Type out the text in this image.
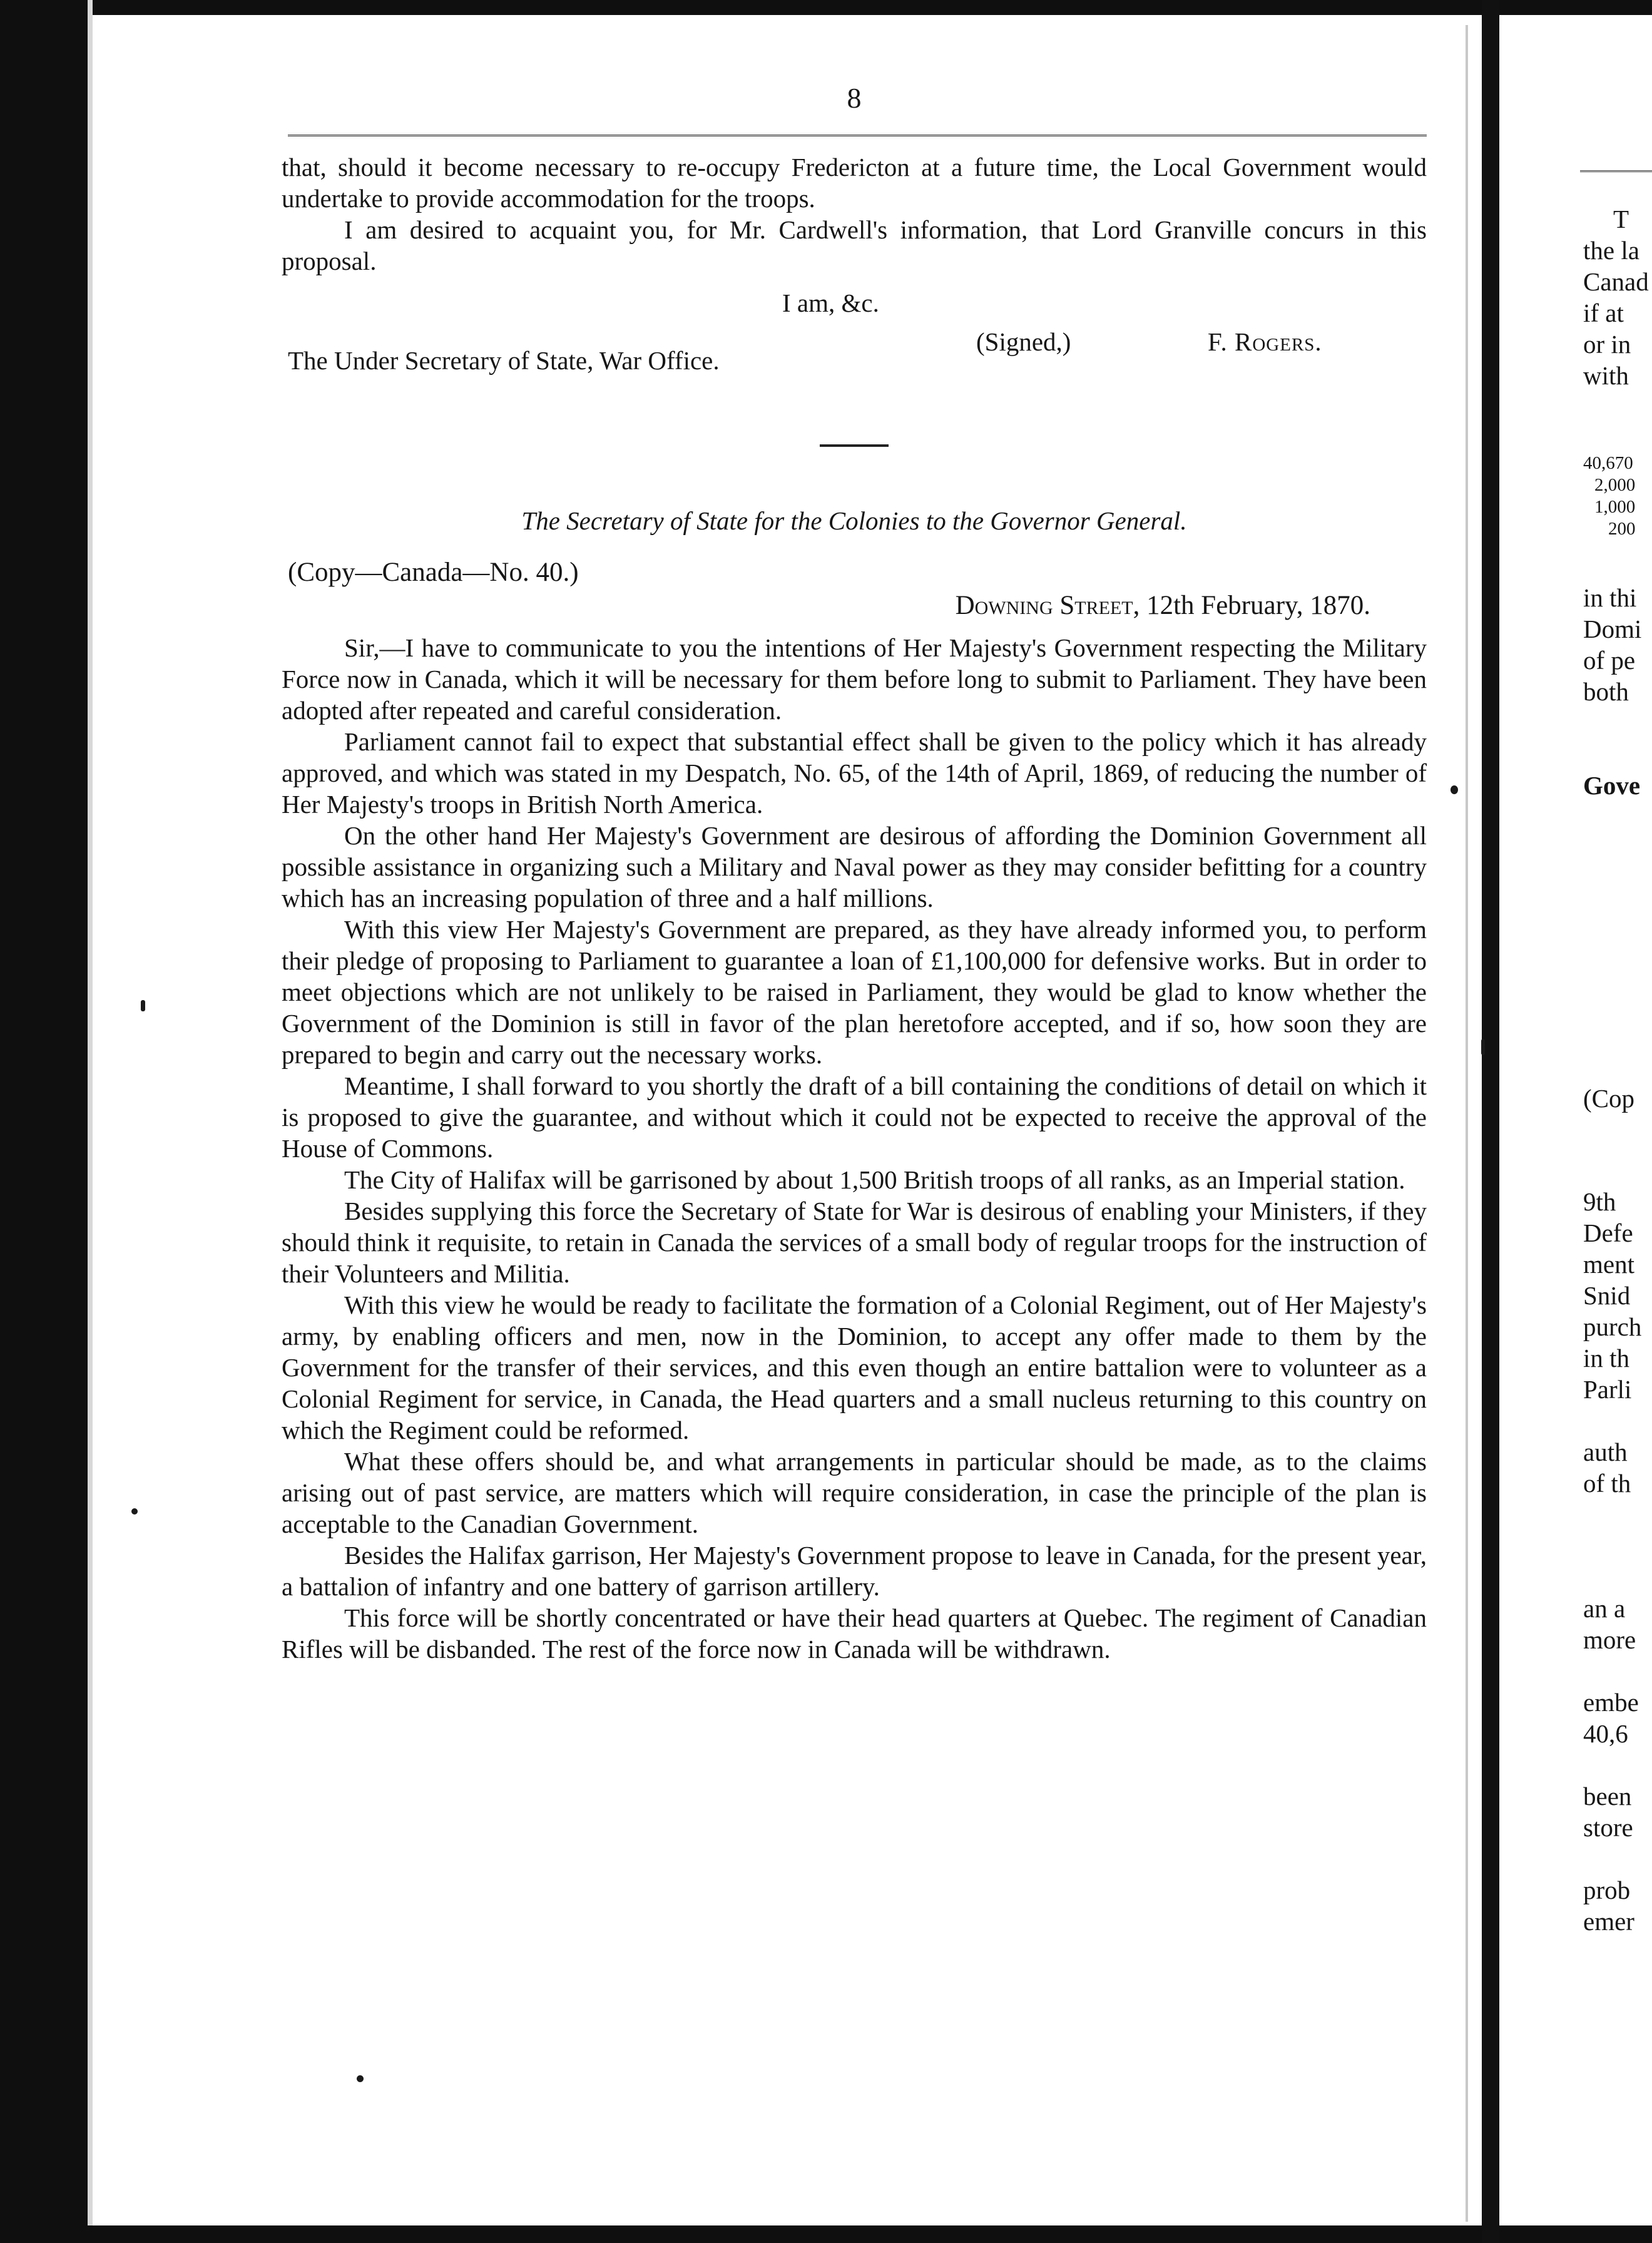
8

that, should it become necessary to re-occupy Fredericton at a future time, the Local Government would undertake to provide accommodation for the troops.

I am desired to acquaint you, for Mr. Cardwell's information, that Lord Granville concurs in this proposal.

I am, &c.
(Signed,)	F. Rogers.
The Under Secretary of State, War Office.
The Secretary of State for the Colonies to the Governor General.
(Copy—Canada—No. 40.)
Downing Street, 12th February, 1870.

Sir,—I have to communicate to you the intentions of Her Majesty's Government respecting the Military Force now in Canada, which it will be necessary for them before long to submit to Parliament. They have been adopted after repeated and careful consideration.

Parliament cannot fail to expect that substantial effect shall be given to the policy which it has already approved, and which was stated in my Despatch, No. 65, of the 14th of April, 1869, of reducing the number of Her Majesty's troops in British North America.

On the other hand Her Majesty's Government are desirous of affording the Dominion Government all possible assistance in organizing such a Military and Naval power as they may consider befitting for a country which has an increasing population of three and a half millions.

With this view Her Majesty's Government are prepared, as they have already informed you, to perform their pledge of proposing to Parliament to guarantee a loan of £1,100,000 for defensive works. But in order to meet objections which are not unlikely to be raised in Parliament, they would be glad to know whether the Government of the Dominion is still in favor of the plan heretofore accepted, and if so, how soon they are prepared to begin and carry out the necessary works.

Meantime, I shall forward to you shortly the draft of a bill containing the conditions of detail on which it is proposed to give the guarantee, and without which it could not be expected to receive the approval of the House of Commons.

The City of Halifax will be garrisoned by about 1,500 British troops of all ranks, as an Imperial station.

Besides supplying this force the Secretary of State for War is desirous of enabling your Ministers, if they should think it requisite, to retain in Canada the services of a small body of regular troops for the instruction of their Volunteers and Militia.

With this view he would be ready to facilitate the formation of a Colonial Regiment, out of Her Majesty's army, by enabling officers and men, now in the Dominion, to accept any offer made to them by the Government for the transfer of their services, and this even though an entire battalion were to volunteer as a Colonial Regiment for service, in Canada, the Head quarters and a small nucleus returning to this country on which the Regiment could be reformed.

What these offers should be, and what arrangements in particular should be made, as to the claims arising out of past service, are matters which will require consideration, in case the principle of the plan is acceptable to the Canadian Government.

Besides the Halifax garrison, Her Majesty's Government propose to leave in Canada, for the present year, a battalion of infantry and one battery of garrison artillery.

This force will be shortly concentrated or have their head quarters at Quebec. The regiment of Canadian Rifles will be disbanded. The rest of the force now in Canada will be withdrawn.

T
the la
Canad
if at
or in
with
40,670
2,000
1,000
200
in thi
Domi
of pe
both
Gove
(Cop
9th
Defe
ment
Snid
purch
in th
Parli
auth
of th
an a
more
embe
40,6
been
store
prob
emer
